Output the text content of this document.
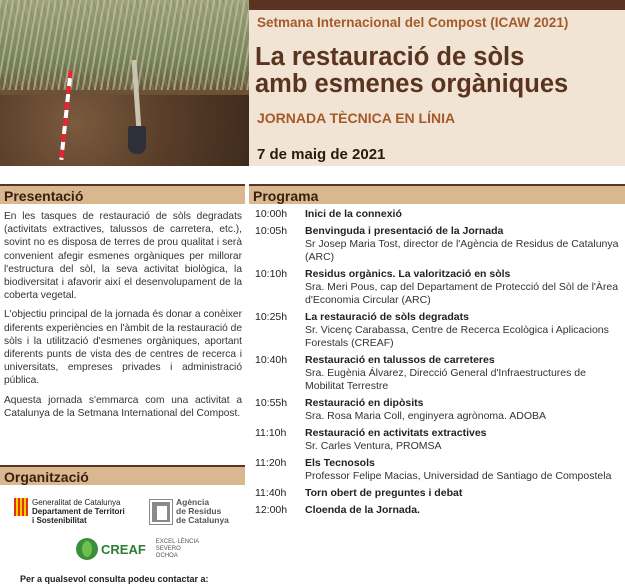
Setmana Internacional del Compost (ICAW 2021)
La restauració de sòls
amb esmenes orgàniques
JORNADA TÈCNICA EN LÍNIA
7 de maig de 2021
Presentació	Programa
Organització

En les tasques de restauració de sòls degradats (activitats extractives, talussos de carretera, etc.), sovint no es disposa de terres de prou qualitat i serà convenient afegir esmenes orgàniques per millorar l'estructura del sòl, la seva activitat biològica, la biodiversitat i afavorir així el desenvolupament de la coberta vegetal.

L'objectiu principal de la jornada és donar a conèixer diferents experiències en l'àmbit de la restauració de sòls i la utilització d'esmenes orgàniques, aportant diferents punts de vista des de centres de recerca i universitats, empreses privades i administració pública.

Aquesta jornada s'emmarca com una activitat a Catalunya de la Setmana International del Compost.

10:00h	Inici de la connexió
10:05h	Benvinguda i presentació de la Jornada
Sr Josep Maria Tost, director de l'Agència de Residus de Catalunya (ARC)
10:10h	Residus orgànics. La valorització en sòls
Sra. Meri Pous, cap del Departament de Protecció del Sòl de l'Àrea d'Economia Circular (ARC)
10:25h	La restauració de sòls degradats
Sr. Vicenç Carabassa, Centre de Recerca Ecològica i Aplicacions Forestals (CREAF)
10:40h	Restauració en talussos de carreteres
Sra. Eugènia Álvarez, Direcció General d'Infraestructures de Mobilitat Terrestre
10:55h	Restauració en dipòsits
Sra. Rosa Maria Coll, enginyera agrònoma. ADOBA
11:10h	Restauració en activitats extractives
Sr. Carles Ventura, PROMSA
11:20h	Els Tecnosols
Professor Felipe Macias, Universidad de Santiago de Compostela
11:40h	Torn obert de preguntes i debat
12:00h	Cloenda de la Jornada.
Generalitat de Catalunya
Departament de Territori
i Sostenibilitat
Agència
de Residus
de Catalunya
CREAF EXCEL·LÈNCIA
SEVERO
OCHOA
Per a qualsevol consulta podeu contactar a:
